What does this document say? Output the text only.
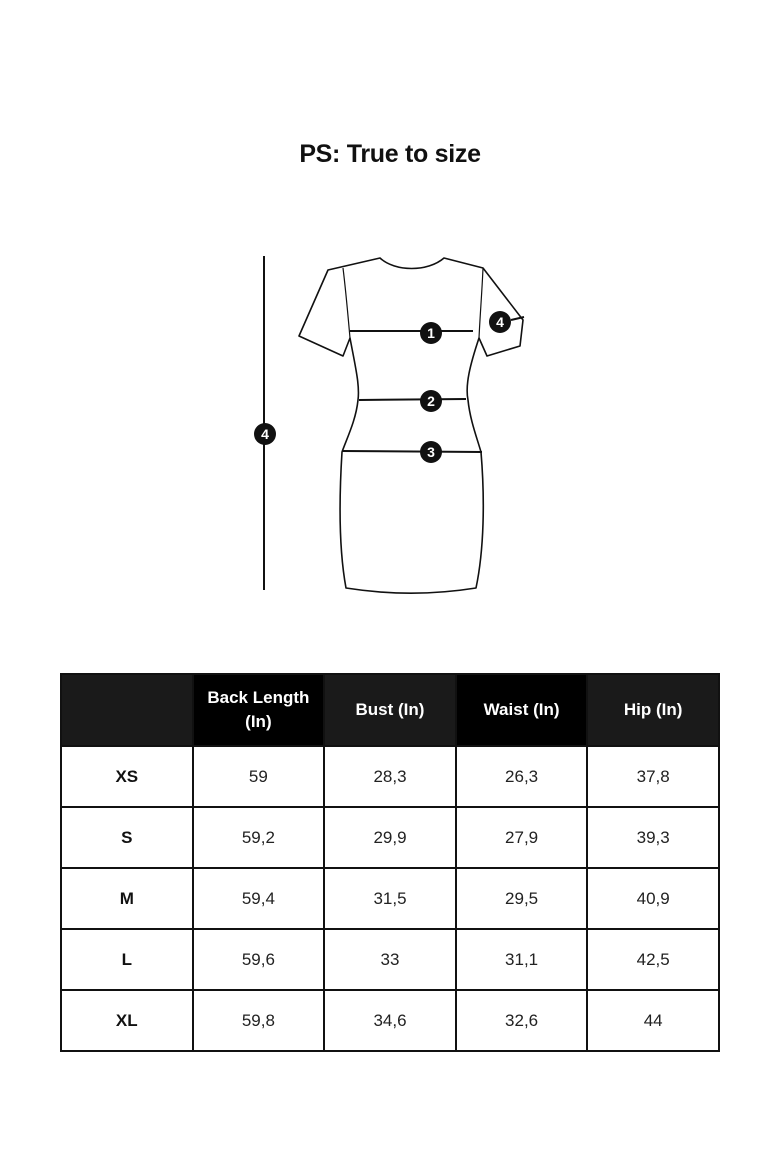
PS: True to size
1
2
3
4
4
	Back Length (In)	Bust (In)	Waist (In)	Hip (In)
XS	59	28,3	26,3	37,8
S	59,2	29,9	27,9	39,3
M	59,4	31,5	29,5	40,9
L	59,6	33	31,1	42,5
XL	59,8	34,6	32,6	44
